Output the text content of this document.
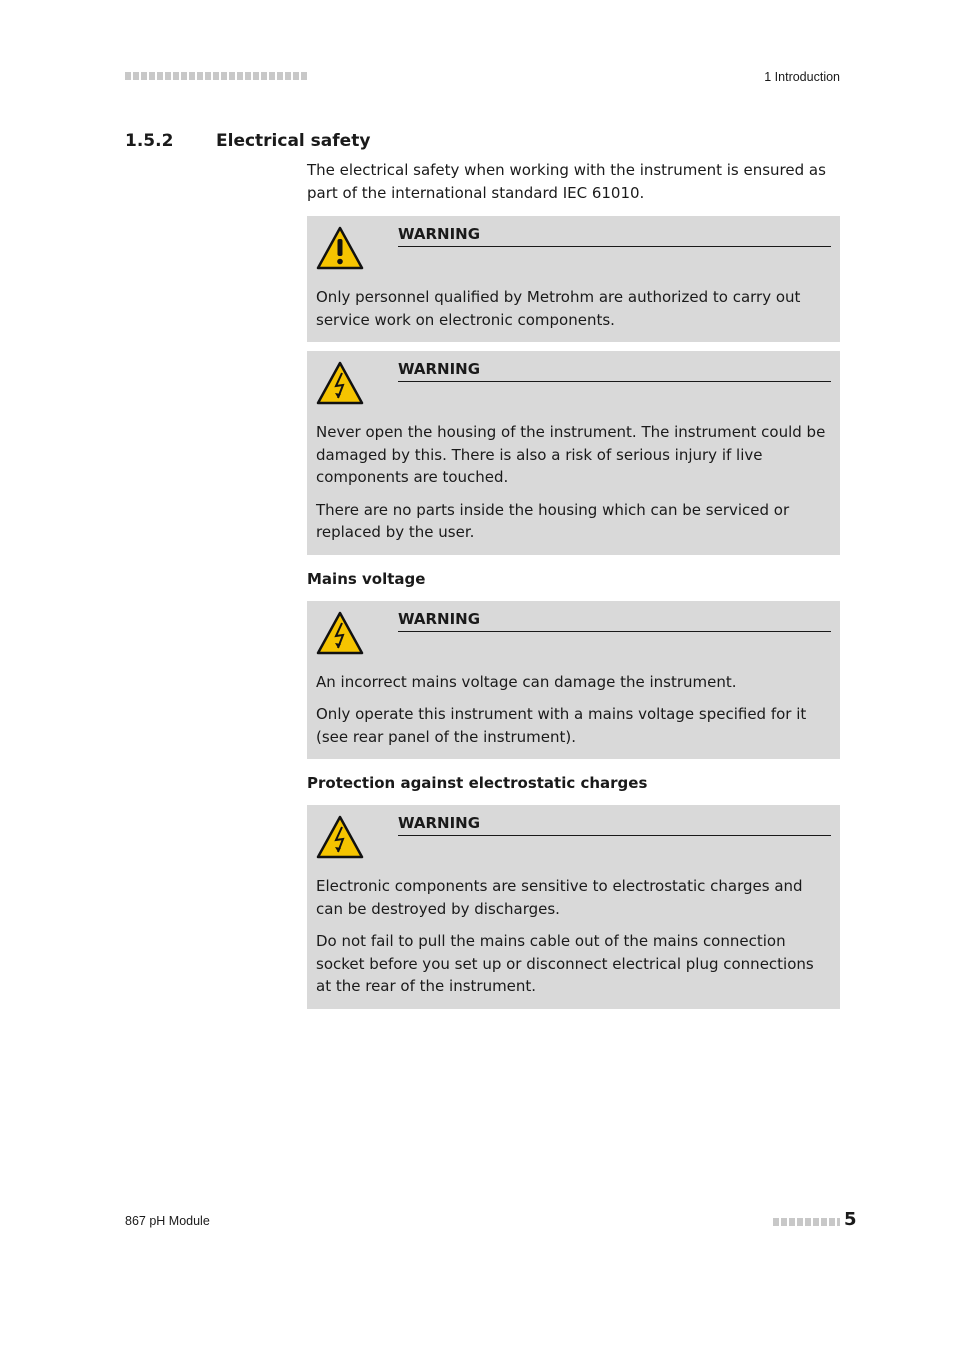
1 Introduction
1.5.2	Electrical safety

The electrical safety when working with the instrument is ensured as part of the international standard IEC 61010.

WARNING

Only personnel qualified by Metrohm are authorized to carry out service work on electronic components.

WARNING

Never open the housing of the instrument. The instrument could be damaged by this. There is also a risk of serious injury if live components are touched.

There are no parts inside the housing which can be serviced or replaced by the user.

Mains voltage
WARNING

An incorrect mains voltage can damage the instrument.

Only operate this instrument with a mains voltage specified for it (see rear panel of the instrument).

Protection against electrostatic charges
WARNING

Electronic components are sensitive to electrostatic charges and can be destroyed by discharges.

Do not fail to pull the mains cable out of the mains connection socket before you set up or disconnect electrical plug connections at the rear of the instrument.

867 pH Module	5
